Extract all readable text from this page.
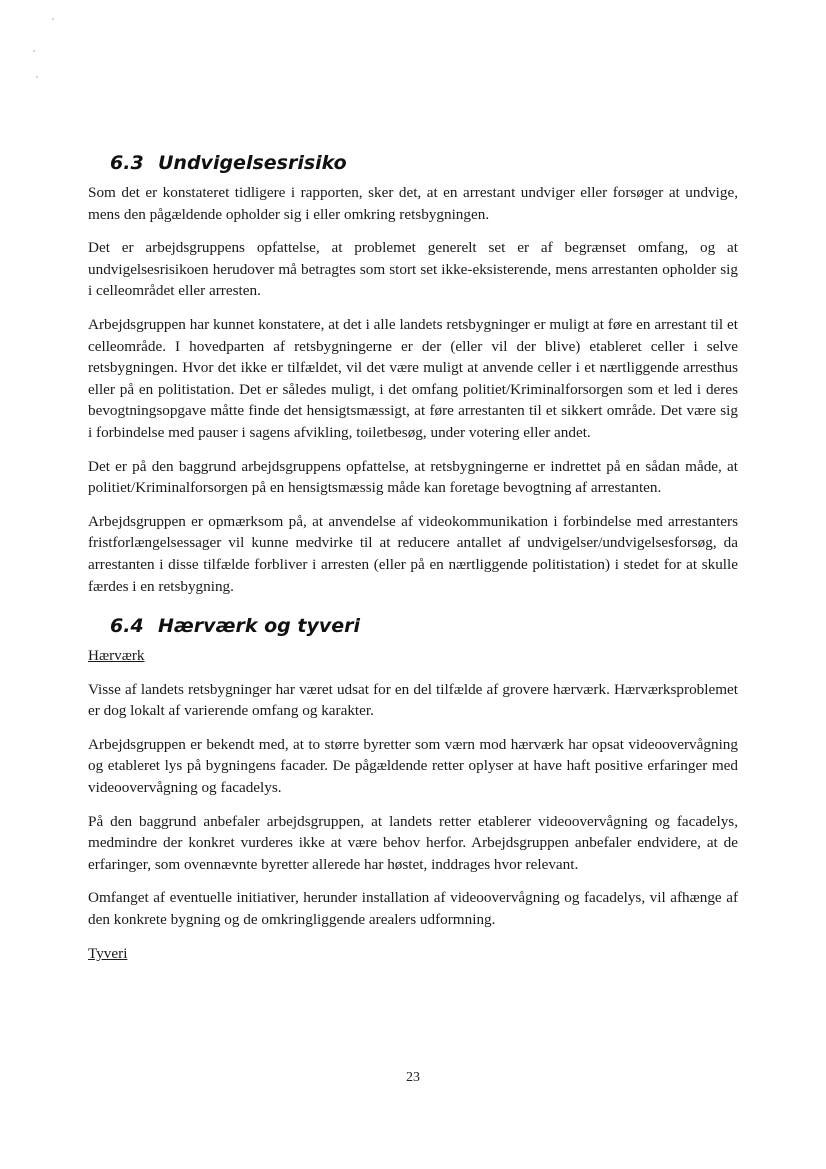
6.3 Undvigelsesrisiko

Som det er konstateret tidligere i rapporten, sker det, at en arrestant undviger eller forsøger at undvige, mens den pågældende opholder sig i eller omkring retsbygningen.

Det er arbejdsgruppens opfattelse, at problemet generelt set er af begrænset omfang, og at undvigelsesrisikoen herudover må betragtes som stort set ikke-eksisterende, mens arrestanten opholder sig i celleområdet eller arresten.

Arbejdsgruppen har kunnet konstatere, at det i alle landets retsbygninger er muligt at føre en arrestant til et celleområde. I hovedparten af retsbygningerne er der (eller vil der blive) etableret celler i selve retsbygningen. Hvor det ikke er tilfældet, vil det være muligt at anvende celler i et nærtliggende arresthus eller på en politistation. Det er således muligt, i det omfang politiet/Kriminalforsorgen som et led i deres bevogtningsopgave måtte finde det hensigtsmæssigt, at føre arrestanten til et sikkert område. Det være sig i forbindelse med pauser i sagens afvikling, toiletbesøg, under votering eller andet.

Det er på den baggrund arbejdsgruppens opfattelse, at retsbygningerne er indrettet på en sådan måde, at politiet/Kriminalforsorgen på en hensigtsmæssig måde kan foretage bevogtning af arrestanten.

Arbejdsgruppen er opmærksom på, at anvendelse af videokommunikation i forbindelse med arrestanters fristforlængelsessager vil kunne medvirke til at reducere antallet af undvigelser/undvigelsesforsøg, da arrestanten i disse tilfælde forbliver i arresten (eller på en nærtliggende politistation) i stedet for at skulle færdes i en retsbygning.

6.4 Hærværk og tyveri
Hærværk

Visse af landets retsbygninger har været udsat for en del tilfælde af grovere hærværk. Hærværksproblemet er dog lokalt af varierende omfang og karakter.

Arbejdsgruppen er bekendt med, at to større byretter som værn mod hærværk har opsat videoovervågning og etableret lys på bygningens facader. De pågældende retter oplyser at have haft positive erfaringer med videoovervågning og facadelys.

På den baggrund anbefaler arbejdsgruppen, at landets retter etablerer videoovervågning og facadelys, medmindre der konkret vurderes ikke at være behov herfor. Arbejdsgruppen anbefaler endvidere, at de erfaringer, som ovennævnte byretter allerede har høstet, inddrages hvor relevant.

Omfanget af eventuelle initiativer, herunder installation af videoovervågning og facadelys, vil afhænge af den konkrete bygning og de omkringliggende arealers udformning.

Tyveri
23
